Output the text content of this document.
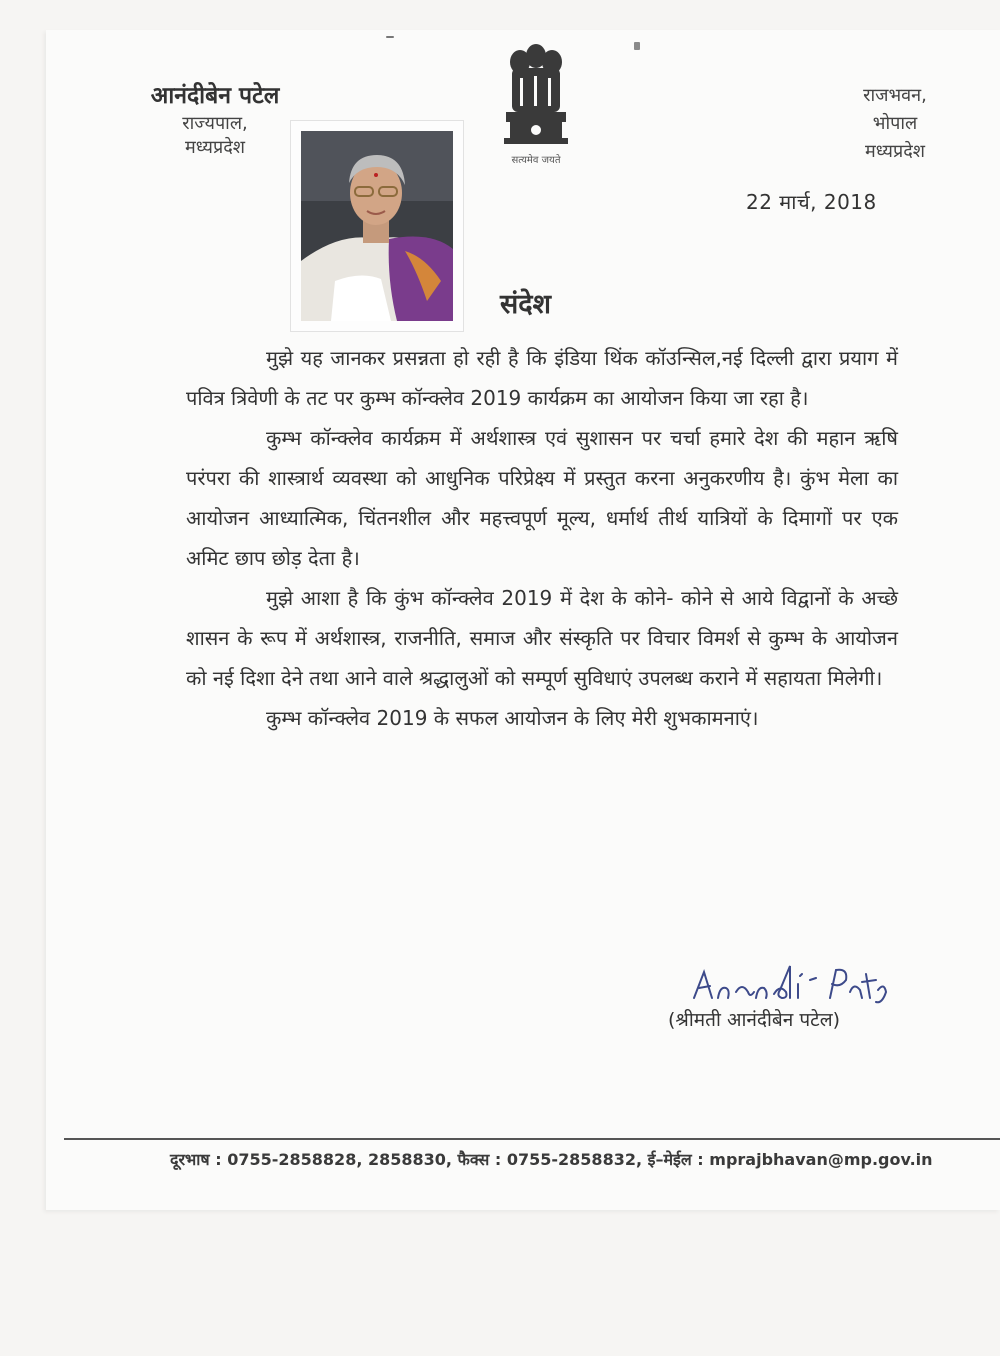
आनंदीबेन पटेल
राज्यपाल,
मध्यप्रदेश
सत्यमेव जयते
राजभवन,
भोपाल
मध्यप्रदेश
22 मार्च, 2018
संदेश

मुझे यह जानकर प्रसन्नता हो रही है कि इंडिया थिंक कॉउन्सिल,नई दिल्ली द्वारा प्रयाग में पवित्र त्रिवेणी के तट पर कुम्भ कॉन्क्लेव 2019 कार्यक्रम का आयोजन किया जा रहा है।

कुम्भ कॉन्क्लेव कार्यक्रम में अर्थशास्त्र एवं सुशासन पर चर्चा हमारे देश की महान ऋषि परंपरा की शास्त्रार्थ व्यवस्था को आधुनिक परिप्रेक्ष्य में प्रस्तुत करना अनुकरणीय है। कुंभ मेला का आयोजन आध्यात्मिक, चिंतनशील और महत्त्वपूर्ण मूल्य, धर्मार्थ तीर्थ यात्रियों के दिमागों पर एक अमिट छाप छोड़ देता है।

मुझे आशा है कि कुंभ कॉन्क्लेव 2019 में देश के कोने- कोने से आये विद्वानों के अच्छे शासन के रूप में अर्थशास्त्र, राजनीति, समाज और संस्कृति पर विचार विमर्श से कुम्भ के आयोजन को नई दिशा देने तथा आने वाले श्रद्धालुओं को सम्पूर्ण सुविधाएं उपलब्ध कराने में सहायता मिलेगी।

कुम्भ कॉन्क्लेव 2019 के सफल आयोजन के लिए मेरी शुभकामनाएं।

(श्रीमती आनंदीबेन पटेल)
दूरभाष : 0755-2858828, 2858830, फैक्स : 0755-2858832, ई–मेईल : mprajbhavan@mp.gov.in
